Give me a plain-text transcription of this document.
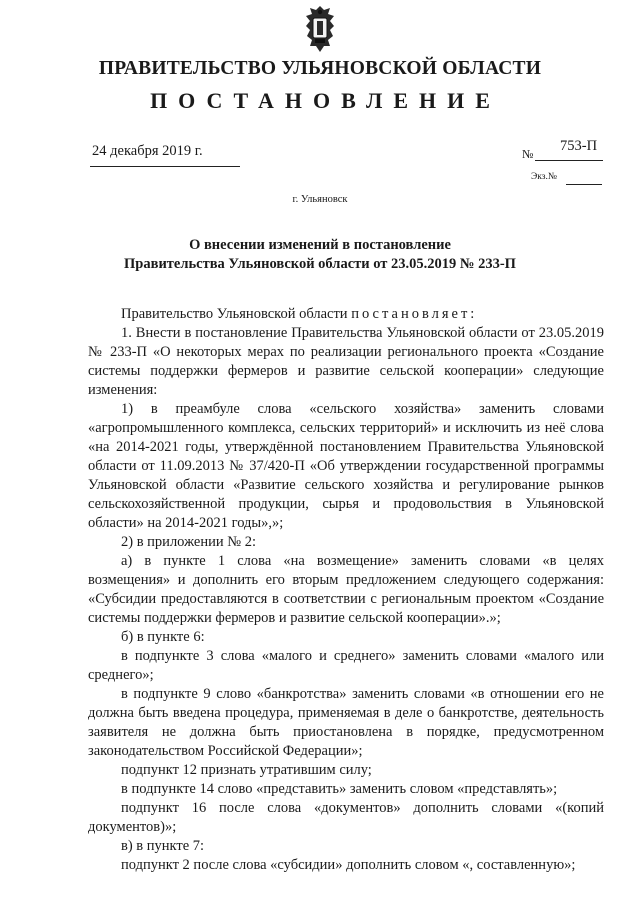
ПРАВИТЕЛЬСТВО УЛЬЯНОВСКОЙ ОБЛАСТИ
ПОСТАНОВЛЕНИЕ
24 декабря 2019 г.	№ 753-П
Экз.№
г. Ульяновск
О внесении изменений в постановление
Правительства Ульяновской области от 23.05.2019 № 233-П

Правительство Ульяновской области постановляет:

1. Внести в постановление Правительства Ульяновской области от 23.05.2019 № 233-П «О некоторых мерах по реализации регионального проекта «Создание системы поддержки фермеров и развитие сельской кооперации» следующие изменения:

1) в преамбуле слова «сельского хозяйства» заменить словами «агропромышленного комплекса, сельских территорий» и исключить из неё слова «на 2014-2021 годы, утверждённой постановлением Правительства Ульяновской области от 11.09.2013 № 37/420-П «Об утверждении государственной программы Ульяновской области «Развитие сельского хозяйства и регулирование рынков сельскохозяйственной продукции, сырья и продовольствия в Ульяновской области» на 2014-2021 годы»,»;

2) в приложении № 2:

а) в пункте 1 слова «на возмещение» заменить словами «в целях возмещения» и дополнить его вторым предложением следующего содержания: «Субсидии предоставляются в соответствии с региональным проектом «Создание системы поддержки фермеров и развитие сельской кооперации».»;

б) в пункте 6:

в подпункте 3 слова «малого и среднего» заменить словами «малого или среднего»;

в подпункте 9 слово «банкротства» заменить словами «в отношении его не должна быть введена процедура, применяемая в деле о банкротстве, деятельность заявителя не должна быть приостановлена в порядке, предусмотренном законодательством Российской Федерации»;

подпункт 12 признать утратившим силу;

в подпункте 14 слово «представить» заменить словом «представлять»;

подпункт 16 после слова «документов» дополнить словами «(копий документов)»;

в) в пункте 7:

подпункт 2 после слова «субсидии» дополнить словом «, составленную»;
